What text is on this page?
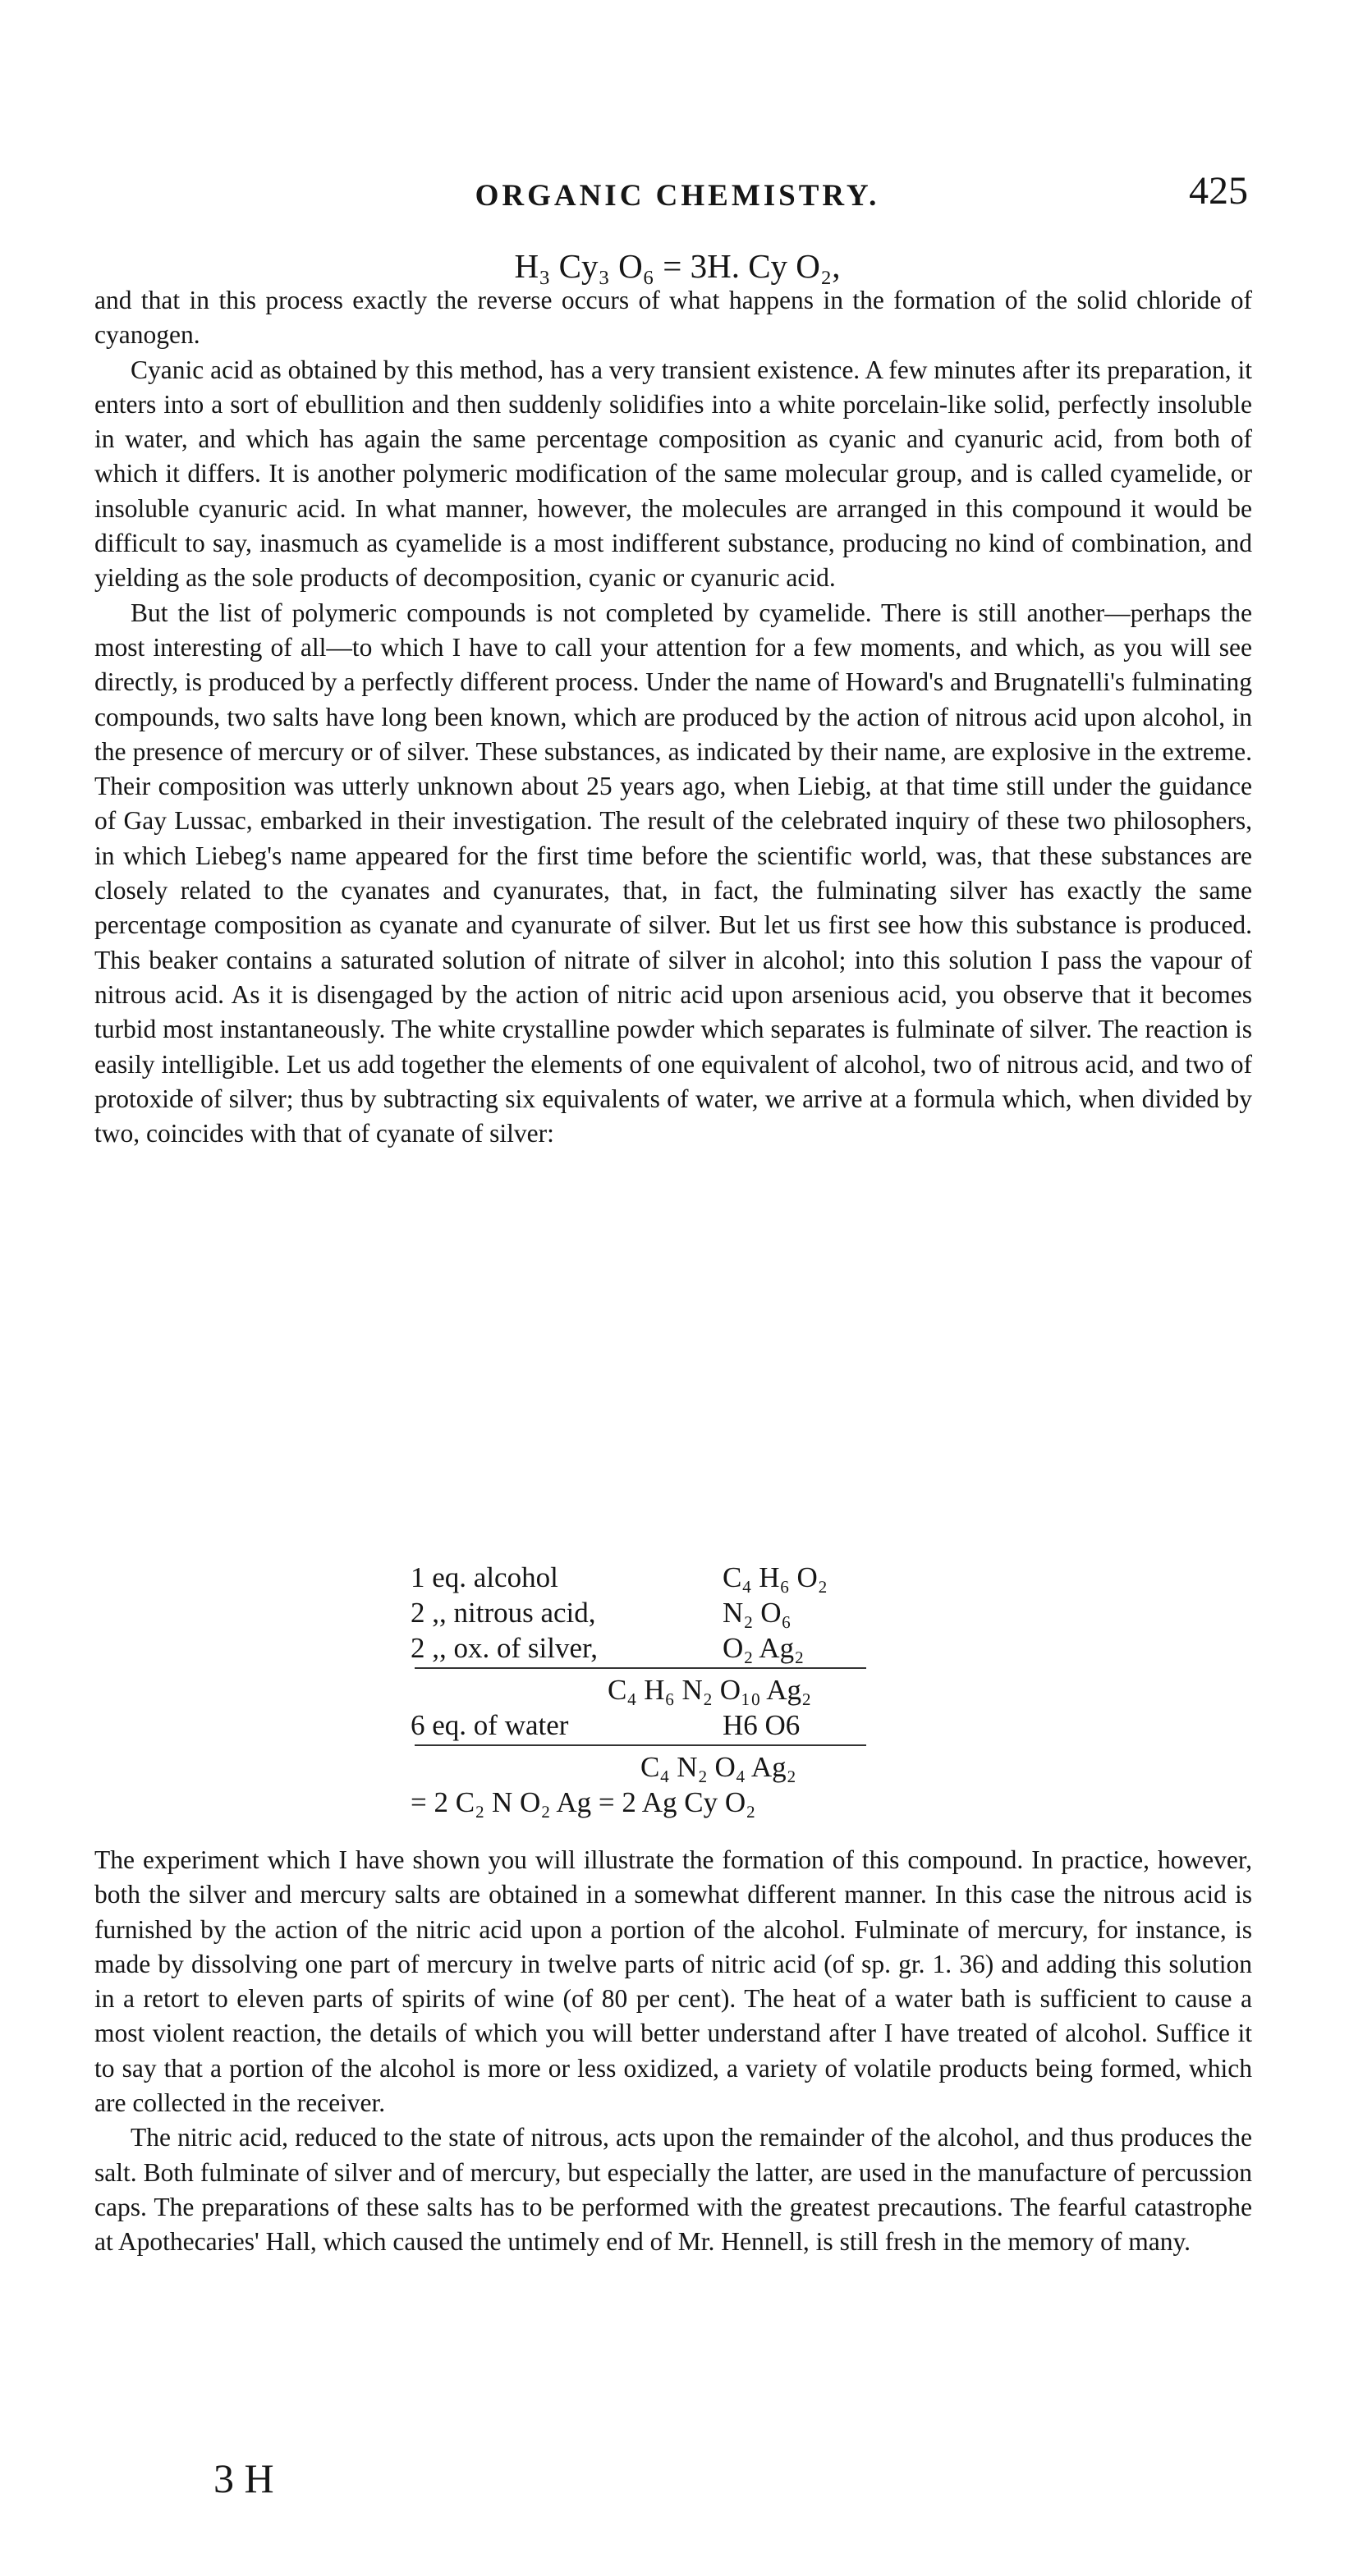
ORGANIC CHEMISTRY.	425
H₃ Cy₃ O₆ = 3H. Cy O₂,

and that in this process exactly the reverse occurs of what happens in the formation of the solid chloride of cyanogen.

Cyanic acid as obtained by this method, has a very transient existence. A few minutes after its preparation, it enters into a sort of ebullition and then suddenly solidifies into a white porcelain-like solid, perfectly insoluble in water, and which has again the same percentage composition as cyanic and cyanuric acid, from both of which it differs. It is another polymeric modification of the same molecular group, and is called cyamelide, or insoluble cyanuric acid. In what manner, however, the molecules are arranged in this compound it would be difficult to say, inasmuch as cyamelide is a most indifferent substance, producing no kind of combination, and yielding as the sole products of decomposition, cyanic or cyanuric acid.

But the list of polymeric compounds is not completed by cyamelide. There is still another—perhaps the most interesting of all—to which I have to call your attention for a few moments, and which, as you will see directly, is produced by a perfectly different process. Under the name of Howard's and Brugnatelli's fulminating compounds, two salts have long been known, which are produced by the action of nitrous acid upon alcohol, in the presence of mercury or of silver. These substances, as indicated by their name, are explosive in the extreme. Their composition was utterly unknown about 25 years ago, when Liebig, at that time still under the guidance of Gay Lussac, embarked in their investigation. The result of the celebrated inquiry of these two philosophers, in which Liebeg's name appeared for the first time before the scientific world, was, that these substances are closely related to the cyanates and cyanurates, that, in fact, the fulminating silver has exactly the same percentage composition as cyanate and cyanurate of silver. But let us first see how this substance is produced. This beaker contains a saturated solution of nitrate of silver in alcohol; into this solution I pass the vapour of nitrous acid. As it is disengaged by the action of nitric acid upon arsenious acid, you observe that it becomes turbid most instantaneously. The white crystalline powder which separates is fulminate of silver. The reaction is easily intelligible. Let us add together the elements of one equivalent of alcohol, two of nitrous acid, and two of protoxide of silver; thus by subtracting six equivalents of water, we arrive at a formula which, when divided by two, coincides with that of cyanate of silver:

1 eq. alcohol	C₄ H₆ O₂
2 ,, nitrous acid,	N₂ O₆
2 ,, ox. of silver,	O₂ Ag₂
C₄ H₆ N₂ O₁₀ Ag₂
6 eq. of water	H6 O6
C₄ N₂ O₄ Ag₂
= 2 C₂ N O₂ Ag = 2 Ag Cy O₂

The experiment which I have shown you will illustrate the formation of this compound. In practice, however, both the silver and mercury salts are obtained in a somewhat different manner. In this case the nitrous acid is furnished by the action of the nitric acid upon a portion of the alcohol. Fulminate of mercury, for instance, is made by dissolving one part of mercury in twelve parts of nitric acid (of sp. gr. 1. 36) and adding this solution in a retort to eleven parts of spirits of wine (of 80 per cent). The heat of a water bath is sufficient to cause a most violent reaction, the details of which you will better understand after I have treated of alcohol. Suffice it to say that a portion of the alcohol is more or less oxidized, a variety of volatile products being formed, which are collected in the receiver.

The nitric acid, reduced to the state of nitrous, acts upon the remainder of the alcohol, and thus produces the salt. Both fulminate of silver and of mercury, but especially the latter, are used in the manufacture of percussion caps. The preparations of these salts has to be performed with the greatest precautions. The fearful catastrophe at Apothecaries' Hall, which caused the untimely end of Mr. Hennell, is still fresh in the memory of many.

3 H
